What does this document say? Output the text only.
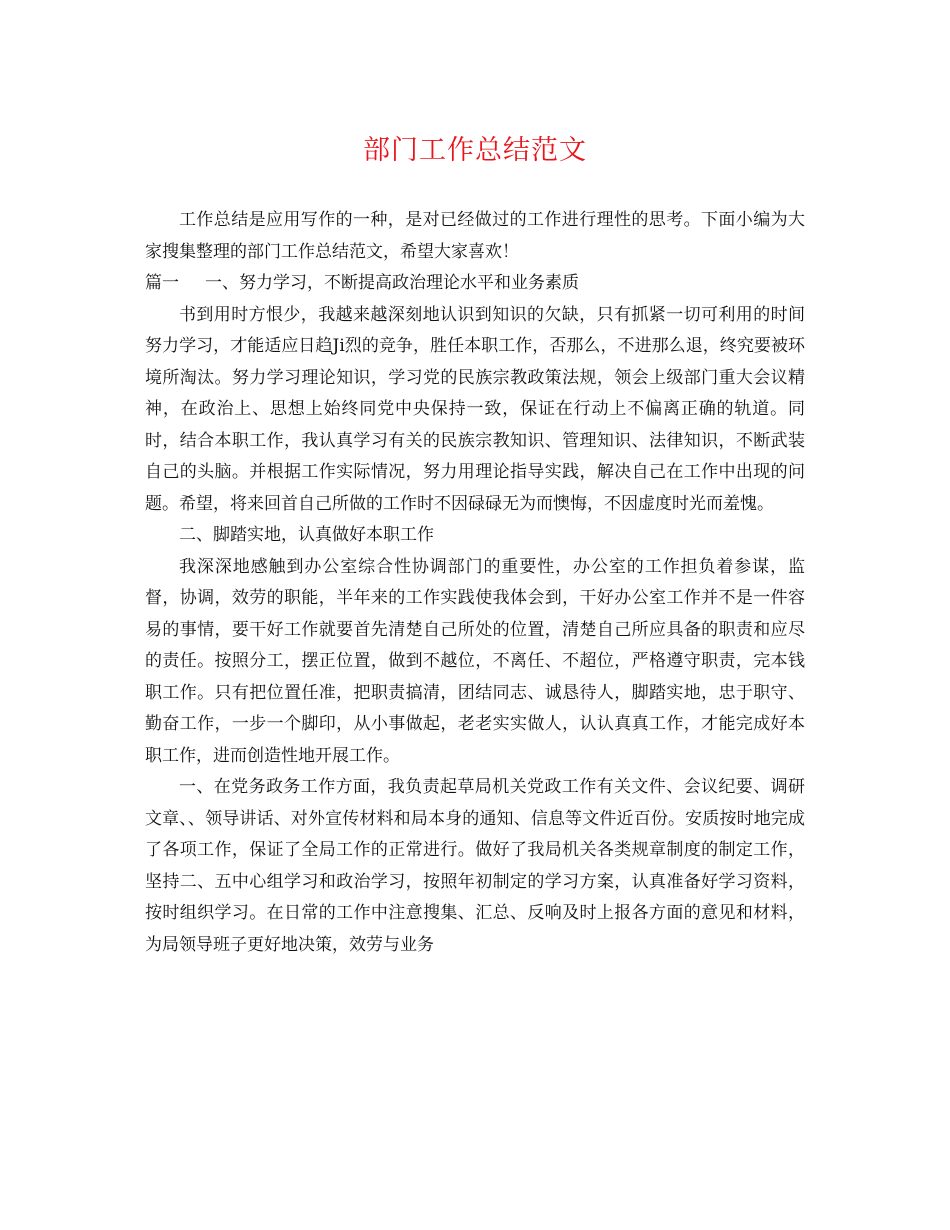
部门工作总结范文

工作总结是应用写作的一种，是对已经做过的工作进行理性的思考。下面小编为大家搜集整理的部门工作总结范文，希望大家喜欢！

篇一 一、努力学习，不断提高政治理论水平和业务素质

书到用时方恨少，我越来越深刻地认识到知识的欠缺，只有抓紧一切可利用的时间努力学习，才能适应日趋Ji烈的竞争，胜任本职工作，否那么，不进那么退，终究要被环境所淘汰。努力学习理论知识，学习党的民族宗教政策法规，领会上级部门重大会议精神，在政治上、思想上始终同党中央保持一致，保证在行动上不偏离正确的轨道。同时，结合本职工作，我认真学习有关的民族宗教知识、管理知识、法律知识，不断武装自己的头脑。并根据工作实际情况，努力用理论指导实践，解决自己在工作中出现的问题。希望，将来回首自己所做的工作时不因碌碌无为而懊悔，不因虚度时光而羞愧。

二、脚踏实地，认真做好本职工作

我深深地感触到办公室综合性协调部门的重要性，办公室的工作担负着参谋，监督，协调，效劳的职能，半年来的工作实践使我体会到，干好办公室工作并不是一件容易的事情，要干好工作就要首先清楚自己所处的位置，清楚自己所应具备的职责和应尽的责任。按照分工，摆正位置，做到不越位，不离任、不超位，严格遵守职责，完本钱职工作。只有把位置任准，把职责搞清，团结同志、诚恳待人，脚踏实地，忠于职守、勤奋工作，一步一个脚印，从小事做起，老老实实做人，认认真真工作，才能完成好本职工作，进而创造性地开展工作。

一、在党务政务工作方面，我负责起草局机关党政工作有关文件、会议纪要、调研文章、、领导讲话、对外宣传材料和局本身的通知、信息等文件近百份。安质按时地完成了各项工作，保证了全局工作的正常进行。做好了我局机关各类规章制度的制定工作，坚持二、五中心组学习和政治学习，按照年初制定的学习方案，认真准备好学习资料，按时组织学习。在日常的工作中注意搜集、汇总、反响及时上报各方面的意见和材料，为局领导班子更好地决策，效劳与业务
